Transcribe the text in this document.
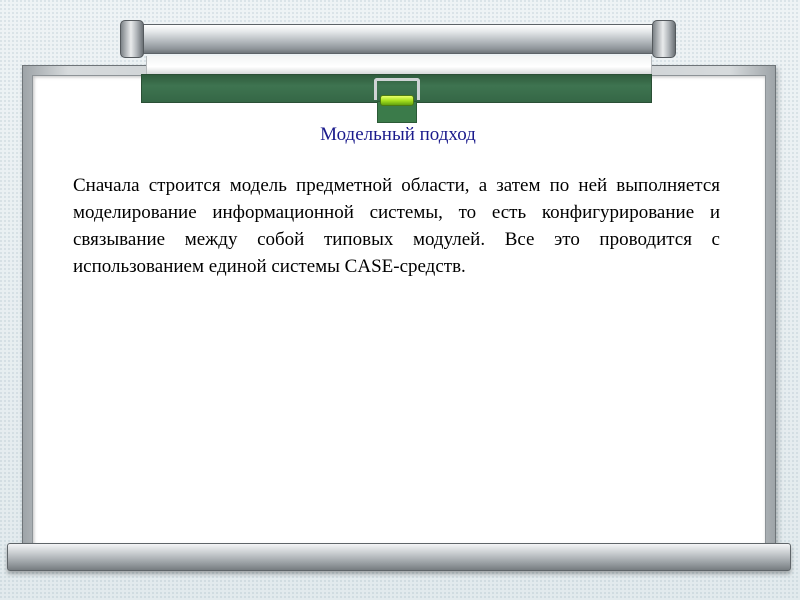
Модельный подход

Сначала строится модель предметной области, а затем по ней выполняется моделирование информационной системы, то есть конфигурирование и связывание между собой типовых модулей. Все это проводится с использованием единой системы CASE-средств.
